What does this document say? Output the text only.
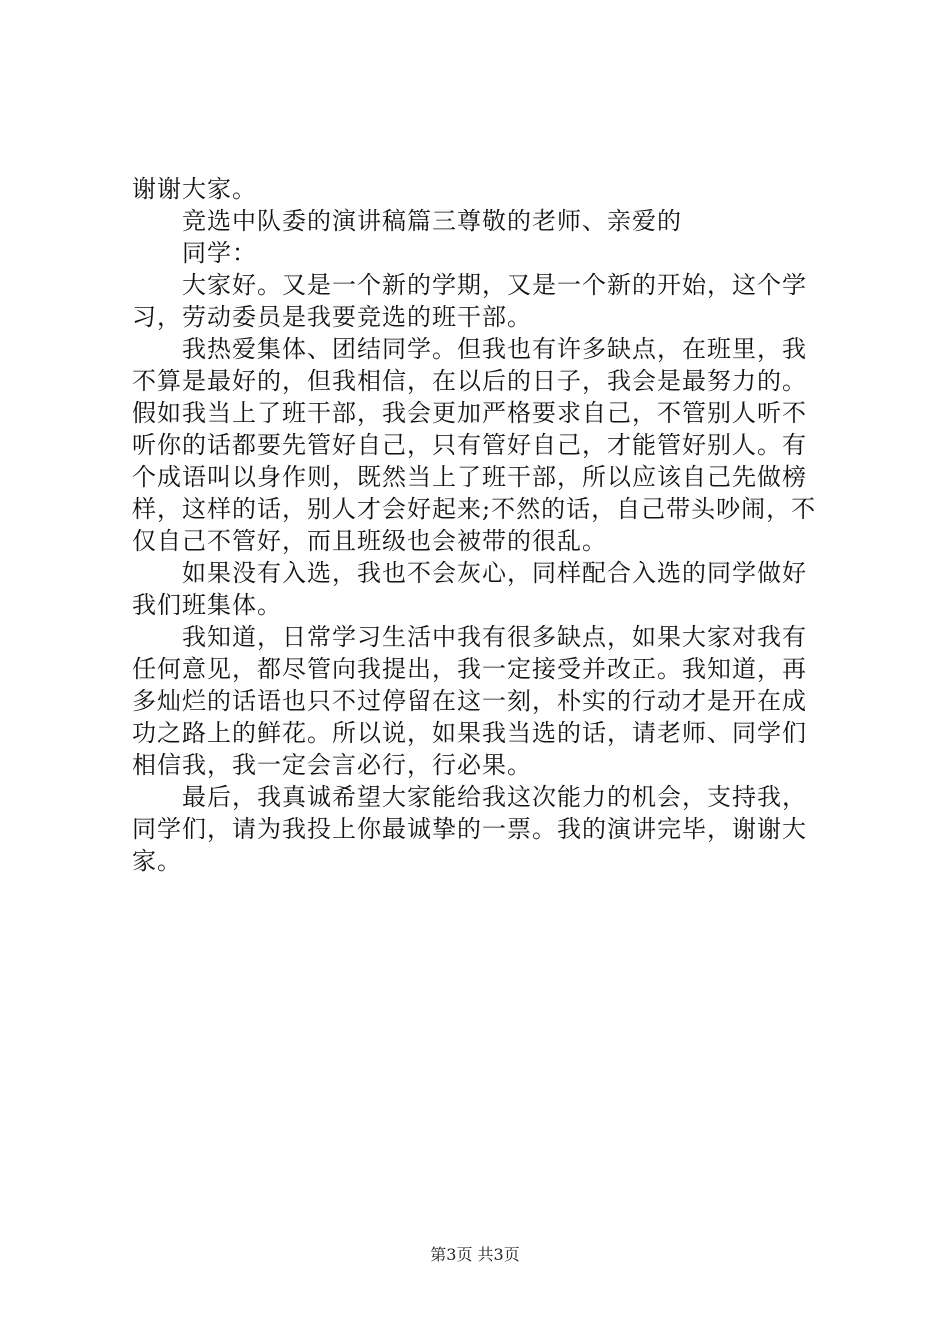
谢谢大家。
竞选中队委的演讲稿篇三尊敬的老师、亲爱的
同学：
大家好。又是一个新的学期，又是一个新的开始，这个学
习，劳动委员是我要竞选的班干部。
我热爱集体、团结同学。但我也有许多缺点，在班里，我
不算是最好的，但我相信，在以后的日子，我会是最努力的。
假如我当上了班干部，我会更加严格要求自己，不管别人听不
听你的话都要先管好自己，只有管好自己，才能管好别人。有
个成语叫以身作则，既然当上了班干部，所以应该自己先做榜
样，这样的话，别人才会好起来;不然的话，自己带头吵闹，不
仅自己不管好，而且班级也会被带的很乱。
如果没有入选，我也不会灰心，同样配合入选的同学做好
我们班集体。
我知道，日常学习生活中我有很多缺点，如果大家对我有
任何意见，都尽管向我提出，我一定接受并改正。我知道，再
多灿烂的话语也只不过停留在这一刻，朴实的行动才是开在成
功之路上的鲜花。所以说，如果我当选的话，请老师、同学们
相信我，我一定会言必行，行必果。
最后，我真诚希望大家能给我这次能力的机会，支持我，
同学们，请为我投上你最诚挚的一票。我的演讲完毕，谢谢大
家。
第3页 共3页
